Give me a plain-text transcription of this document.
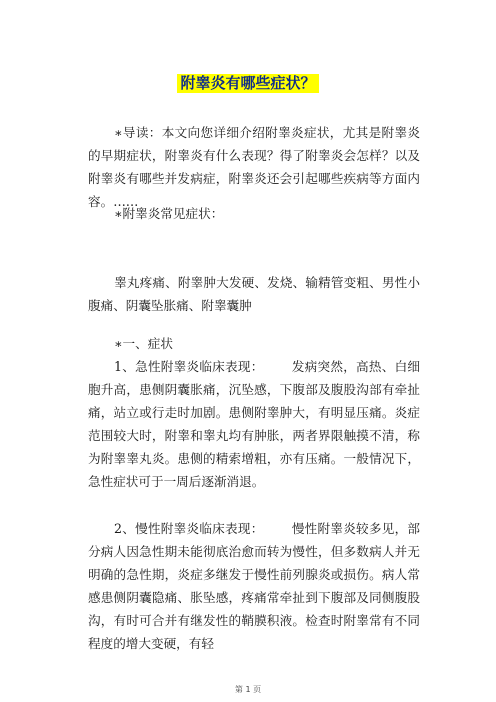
附睾炎有哪些症状？

∗导读：本文向您详细介绍附睾炎症状，尤其是附睾炎的早期症状，附睾炎有什么表现？得了附睾炎会怎样？以及附睾炎有哪些并发病症，附睾炎还会引起哪些疾病等方面内容。……

∗附睾炎常见症状：

睾丸疼痛、附睾肿大发硬、发烧、输精管变粗、男性小腹痛、阴囊坠胀痛、附睾囊肿

∗一、症状

1、急性附睾炎临床表现： 发病突然，高热、白细胞升高，患侧阴囊胀痛，沉坠感，下腹部及腹股沟部有牵扯痛，站立或行走时加剧。患侧附睾肿大，有明显压痛。炎症范围较大时，附睾和睾丸均有肿胀，两者界限触摸不清，称为附睾睾丸炎。患侧的精索增粗，亦有压痛。一般情况下，急性症状可于一周后逐渐消退。

2、慢性附睾炎临床表现： 慢性附睾炎较多见，部分病人因急性期未能彻底治愈而转为慢性，但多数病人并无明确的急性期，炎症多继发于慢性前列腺炎或损伤。病人常感患侧阴囊隐痛、胀坠感，疼痛常牵扯到下腹部及同侧腹股沟，有时可合并有继发性的鞘膜积液。检查时附睾常有不同程度的增大变硬，有轻

第 1 页
